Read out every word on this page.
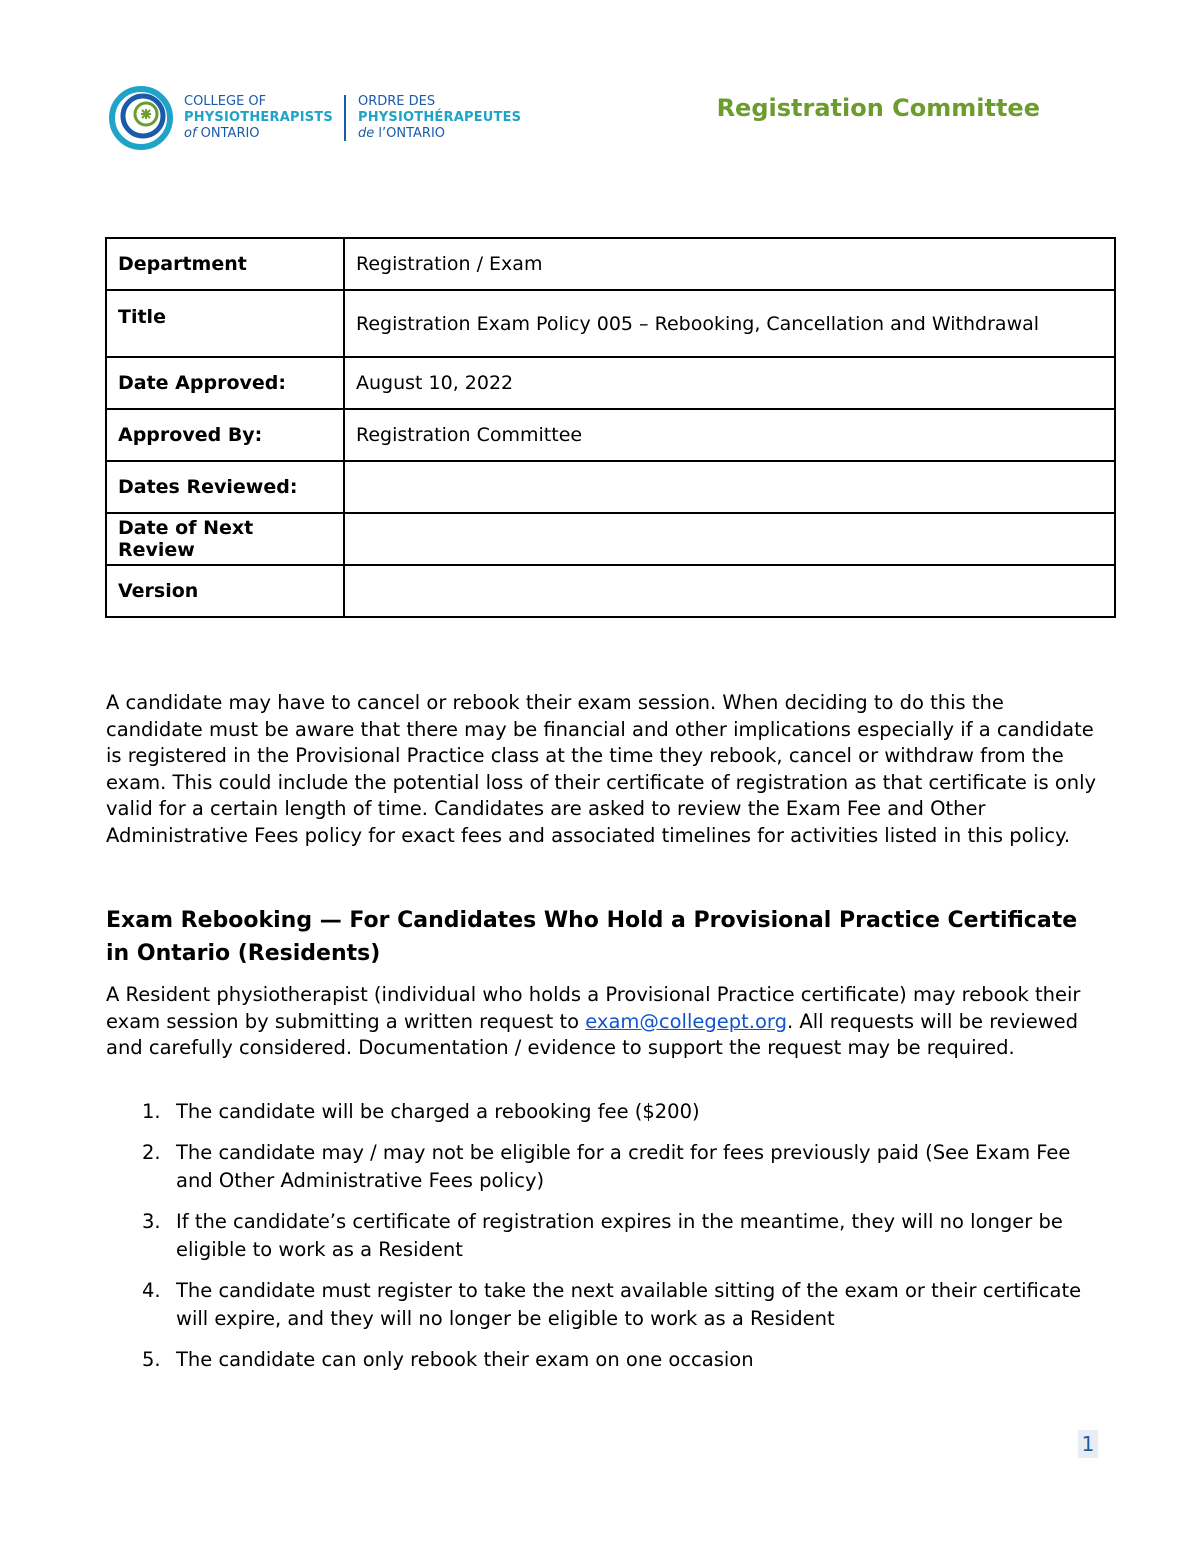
COLLEGE OF
PHYSIOTHERAPISTS
of ONTARIO
ORDRE DES
PHYSIOTHÉRAPEUTES
de l’ONTARIO
Registration Committee
Department	Registration / Exam
Title	Registration Exam Policy 005 – Rebooking, Cancellation and Withdrawal
Date Approved:	August 10, 2022
Approved By:	Registration Committee
Dates Reviewed:	
Date of Next Review	
Version	

A candidate may have to cancel or rebook their exam session. When deciding to do this the candidate must be aware that there may be financial and other implications especially if a candidate is registered in the Provisional Practice class at the time they rebook, cancel or withdraw from the exam. This could include the potential loss of their certificate of registration as that certificate is only valid for a certain length of time. Candidates are asked to review the Exam Fee and Other Administrative Fees policy for exact fees and associated timelines for activities listed in this policy.

Exam Rebooking — For Candidates Who Hold a Provisional Practice Certificate in Ontario (Residents)

A Resident physiotherapist (individual who holds a Provisional Practice certificate) may rebook their exam session by submitting a written request to exam@collegept.org. All requests will be reviewed and carefully considered. Documentation / evidence to support the request may be required.

1. The candidate will be charged a rebooking fee ($200)
2. The candidate may / may not be eligible for a credit for fees previously paid (See Exam Fee and Other Administrative Fees policy)
3. If the candidate’s certificate of registration expires in the meantime, they will no longer be eligible to work as a Resident
4. The candidate must register to take the next available sitting of the exam or their certificate will expire, and they will no longer be eligible to work as a Resident
5. The candidate can only rebook their exam on one occasion
1
